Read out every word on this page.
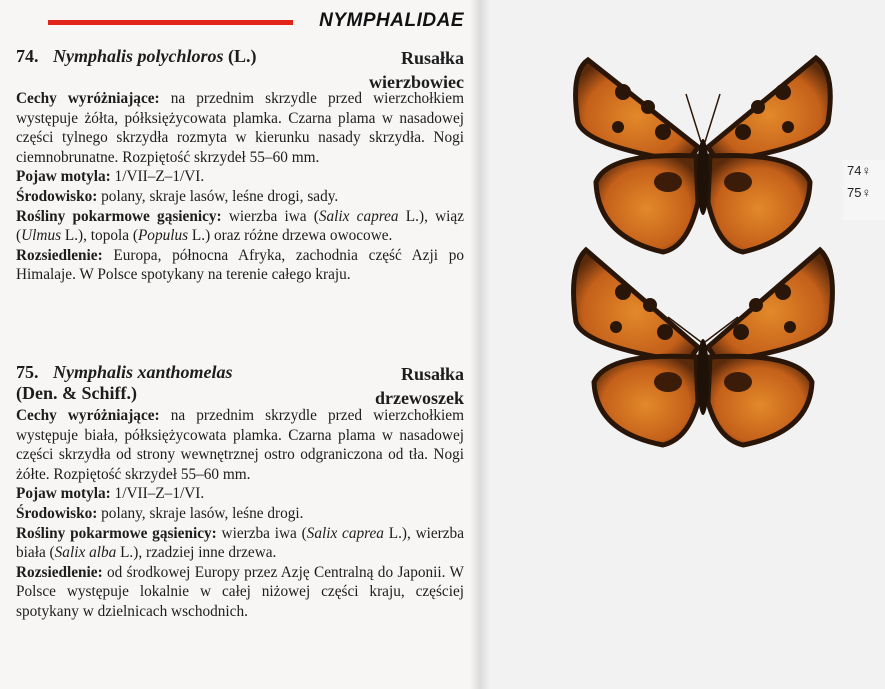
NYMPHALIDAE
74. Nymphalis polychloros (L.)	Rusałka
wierzbowiec

Cechy wyróżniające: na przednim skrzydle przed wierzchołkiem występuje żółta, półksiężycowata plamka. Czarna plama w nasadowej części tylnego skrzydła rozmyta w kierunku nasady skrzydła. Nogi ciemnobrunatne. Rozpiętość skrzydeł 55–60 mm.

Pojaw motyla: 1/VII–Z–1/VI.

Środowisko: polany, skraje lasów, leśne drogi, sady.

Rośliny pokarmowe gąsienicy: wierzba iwa (Salix caprea L.), wiąz (Ulmus L.), topola (Populus L.) oraz różne drzewa owocowe.

Rozsiedlenie: Europa, północna Afryka, zachodnia część Azji po Himalaje. W Polsce spotykany na terenie całego kraju.

75. Nymphalis xanthomelas
(Den. & Schiff.)
Rusałka
drzewoszek

Cechy wyróżniające: na przednim skrzydle przed wierzchołkiem występuje biała, półksiężycowata plamka. Czarna plama w nasadowej części skrzydła od strony wewnętrznej ostro odgraniczona od tła. Nogi żółte. Rozpiętość skrzydeł 55–60 mm.

Pojaw motyla: 1/VII–Z–1/VI.

Środowisko: polany, skraje lasów, leśne drogi.

Rośliny pokarmowe gąsienicy: wierzba iwa (Salix caprea L.), wierzba biała (Salix alba L.), rzadziej inne drzewa.

Rozsiedlenie: od środkowej Europy przez Azję Centralną do Japonii. W Polsce występuje lokalnie w całej niżowej części kraju, częściej spotykany w dzielnicach wschodnich.

74♀
75♀
